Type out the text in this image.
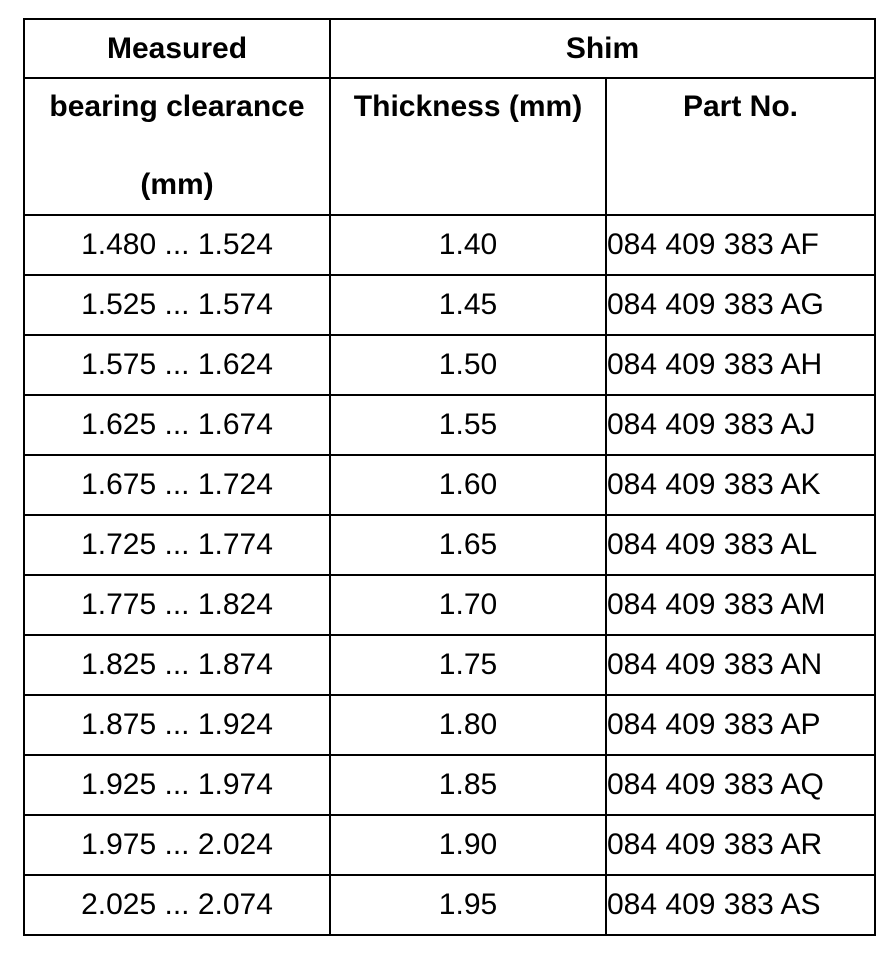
Measured	Shim	

bearing clearance
(mm)	Thickness (mm)	Part No.

1.480 ... 1.524	1.40	084 409 383 AF
1.525 ... 1.574	1.45	084 409 383 AG
1.575 ... 1.624	1.50	084 409 383 AH
1.625 ... 1.674	1.55	084 409 383 AJ
1.675 ... 1.724	1.60	084 409 383 AK
1.725 ... 1.774	1.65	084 409 383 AL
1.775 ... 1.824	1.70	084 409 383 AM
1.825 ... 1.874	1.75	084 409 383 AN
1.875 ... 1.924	1.80	084 409 383 AP
1.925 ... 1.974	1.85	084 409 383 AQ
1.975 ... 2.024	1.90	084 409 383 AR
2.025 ... 2.074	1.95	084 409 383 AS
